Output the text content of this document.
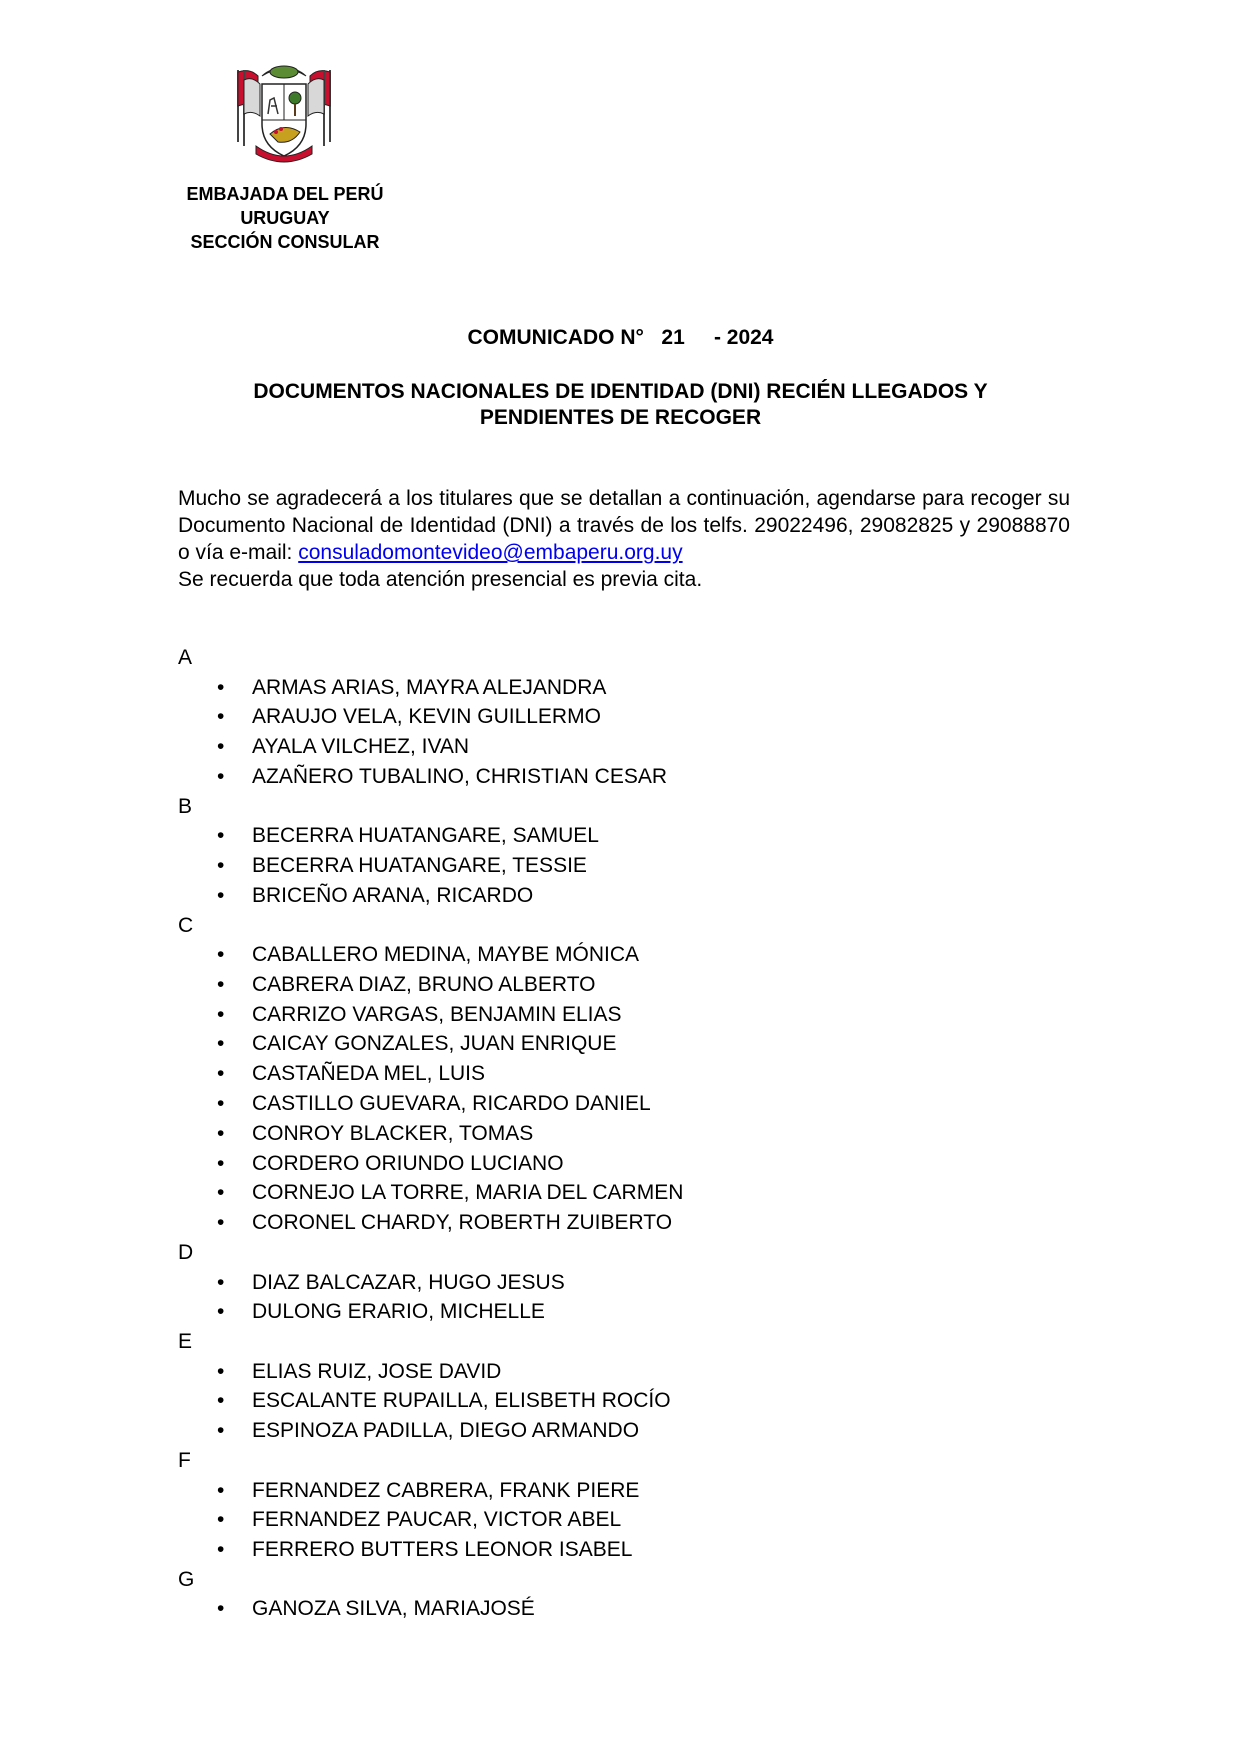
EMBAJADA DEL PERÚ
URUGUAY
SECCIÓN CONSULAR
COMUNICADO N°   21     - 2024
DOCUMENTOS NACIONALES DE IDENTIDAD (DNI) RECIÉN LLEGADOS Y
PENDIENTES DE RECOGER

Mucho se agradecerá a los titulares que se detallan a continuación, agendarse para recoger su Documento Nacional de Identidad (DNI) a través de los telfs. 29022496, 29082825 y 29088870 o vía e-mail: consuladomontevideo@embaperu.org.uy

Se recuerda que toda atención presencial es previa cita.

A
• ARMAS ARIAS, MAYRA ALEJANDRA
• ARAUJO VELA, KEVIN GUILLERMO
• AYALA VILCHEZ, IVAN
• AZAÑERO TUBALINO, CHRISTIAN CESAR
B
• BECERRA HUATANGARE, SAMUEL
• BECERRA HUATANGARE, TESSIE
• BRICEÑO ARANA, RICARDO
C
• CABALLERO MEDINA, MAYBE MÓNICA
• CABRERA DIAZ, BRUNO ALBERTO
• CARRIZO VARGAS, BENJAMIN ELIAS
• CAICAY GONZALES, JUAN ENRIQUE
• CASTAÑEDA MEL, LUIS
• CASTILLO GUEVARA, RICARDO DANIEL
• CONROY BLACKER, TOMAS
• CORDERO ORIUNDO LUCIANO
• CORNEJO LA TORRE, MARIA DEL CARMEN
• CORONEL CHARDY, ROBERTH ZUIBERTO
D
• DIAZ BALCAZAR, HUGO JESUS
• DULONG ERARIO, MICHELLE
E
• ELIAS RUIZ, JOSE DAVID
• ESCALANTE RUPAILLA, ELISBETH ROCÍO
• ESPINOZA PADILLA, DIEGO ARMANDO
F
• FERNANDEZ CABRERA, FRANK PIERE
• FERNANDEZ PAUCAR, VICTOR ABEL
• FERRERO BUTTERS LEONOR ISABEL
G
• GANOZA SILVA, MARIAJOSÉ
